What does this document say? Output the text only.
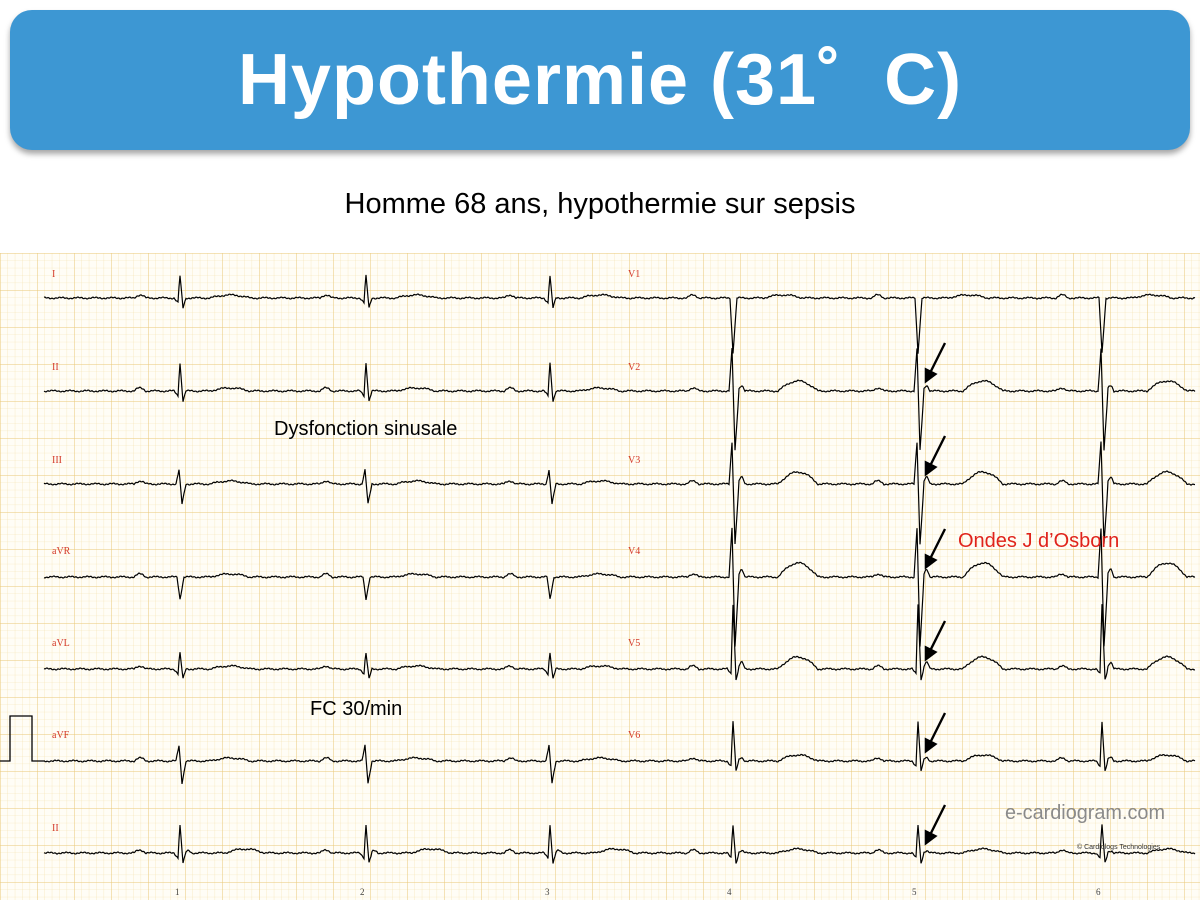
Hypothermie (31˚  C)
Homme 68 ans, hypothermie sur sepsis
I
II
III
aVR
aVL
aVF
II
V1
V2
V3
V4
V5
V6
1	2	3	4	5	6
Dysfonction sinusale
FC 30/min
Ondes J d’Osborn
e-cardiogram.com
© Cardiologs Technologies
